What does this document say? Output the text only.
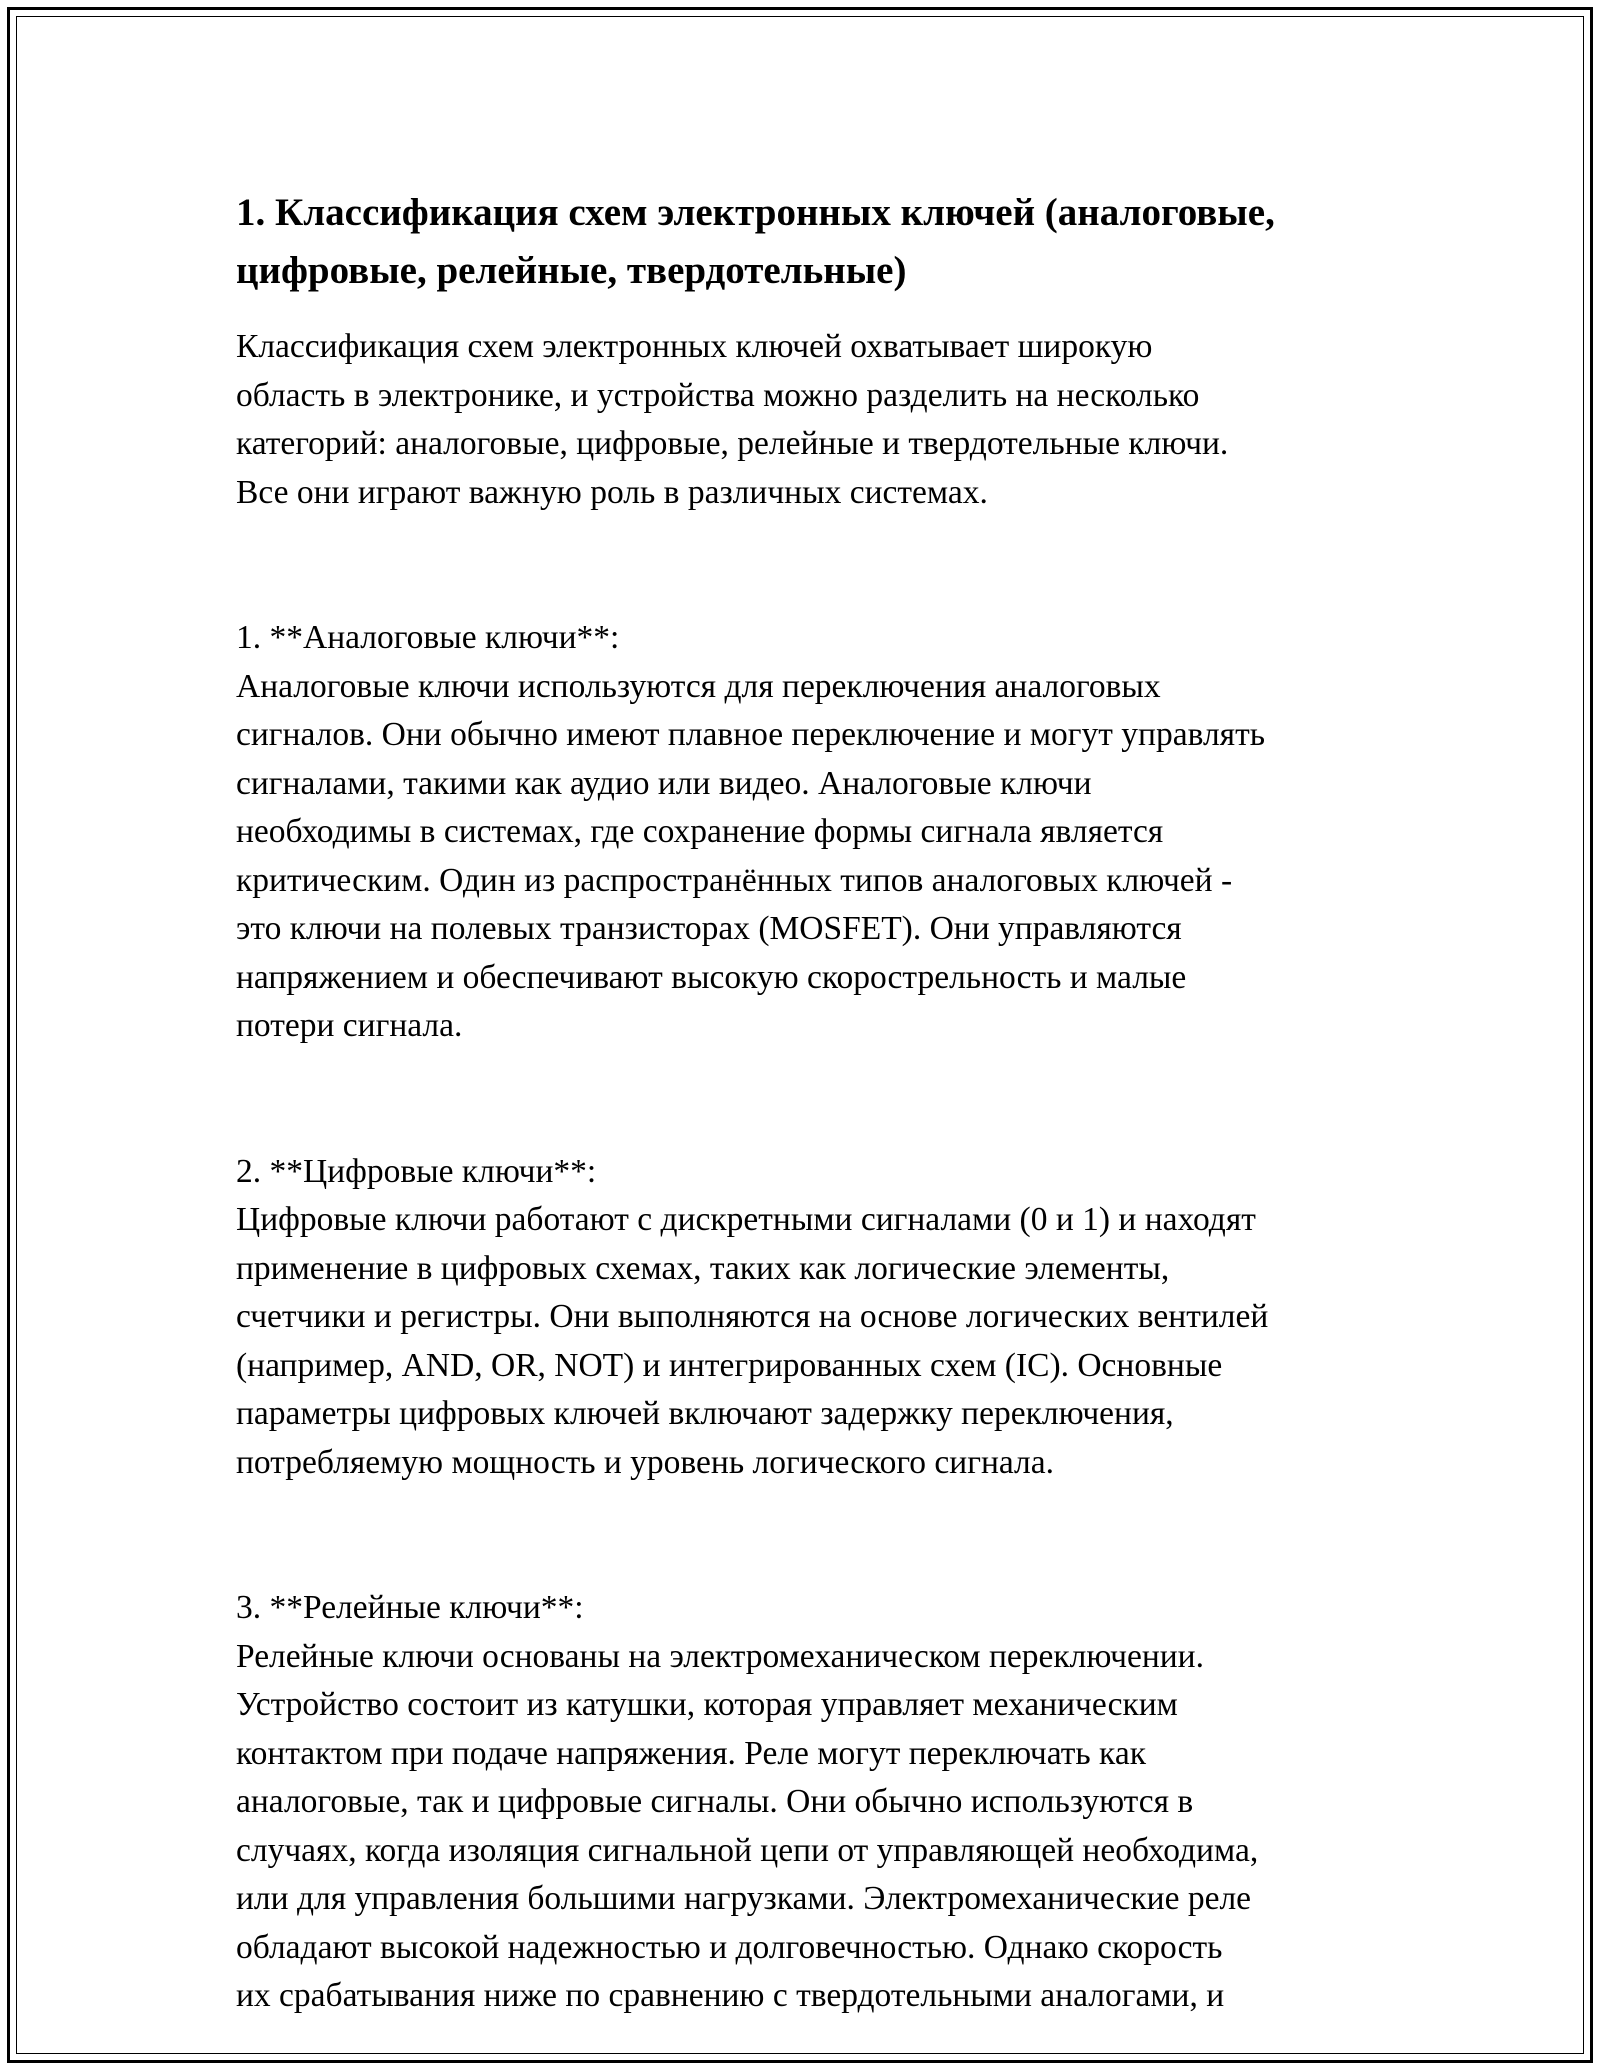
1. Классификация схем электронных ключей (аналоговые,
цифровые, релейные, твердотельные)

Классификация схем электронных ключей охватывает широкую
область в электронике, и устройства можно разделить на несколько
категорий: аналоговые, цифровые, релейные и твердотельные ключи.
Все они играют важную роль в различных системах.

1. **Аналоговые ключи**:
Аналоговые ключи используются для переключения аналоговых
сигналов. Они обычно имеют плавное переключение и могут управлять
сигналами, такими как аудио или видео. Аналоговые ключи
необходимы в системах, где сохранение формы сигнала является
критическим. Один из распространённых типов аналоговых ключей -
это ключи на полевых транзисторах (MOSFET). Они управляются
напряжением и обеспечивают высокую скорострельность и малые
потери сигнала.

2. **Цифровые ключи**:
Цифровые ключи работают с дискретными сигналами (0 и 1) и находят
применение в цифровых схемах, таких как логические элементы,
счетчики и регистры. Они выполняются на основе логических вентилей
(например, AND, OR, NOT) и интегрированных схем (IC). Основные
параметры цифровых ключей включают задержку переключения,
потребляемую мощность и уровень логического сигнала.

3. **Релейные ключи**:
Релейные ключи основаны на электромеханическом переключении.
Устройство состоит из катушки, которая управляет механическим
контактом при подаче напряжения. Реле могут переключать как
аналоговые, так и цифровые сигналы. Они обычно используются в
случаях, когда изоляция сигнальной цепи от управляющей необходима,
или для управления большими нагрузками. Электромеханические реле
обладают высокой надежностью и долговечностью. Однако скорость
их срабатывания ниже по сравнению с твердотельными аналогами, и
